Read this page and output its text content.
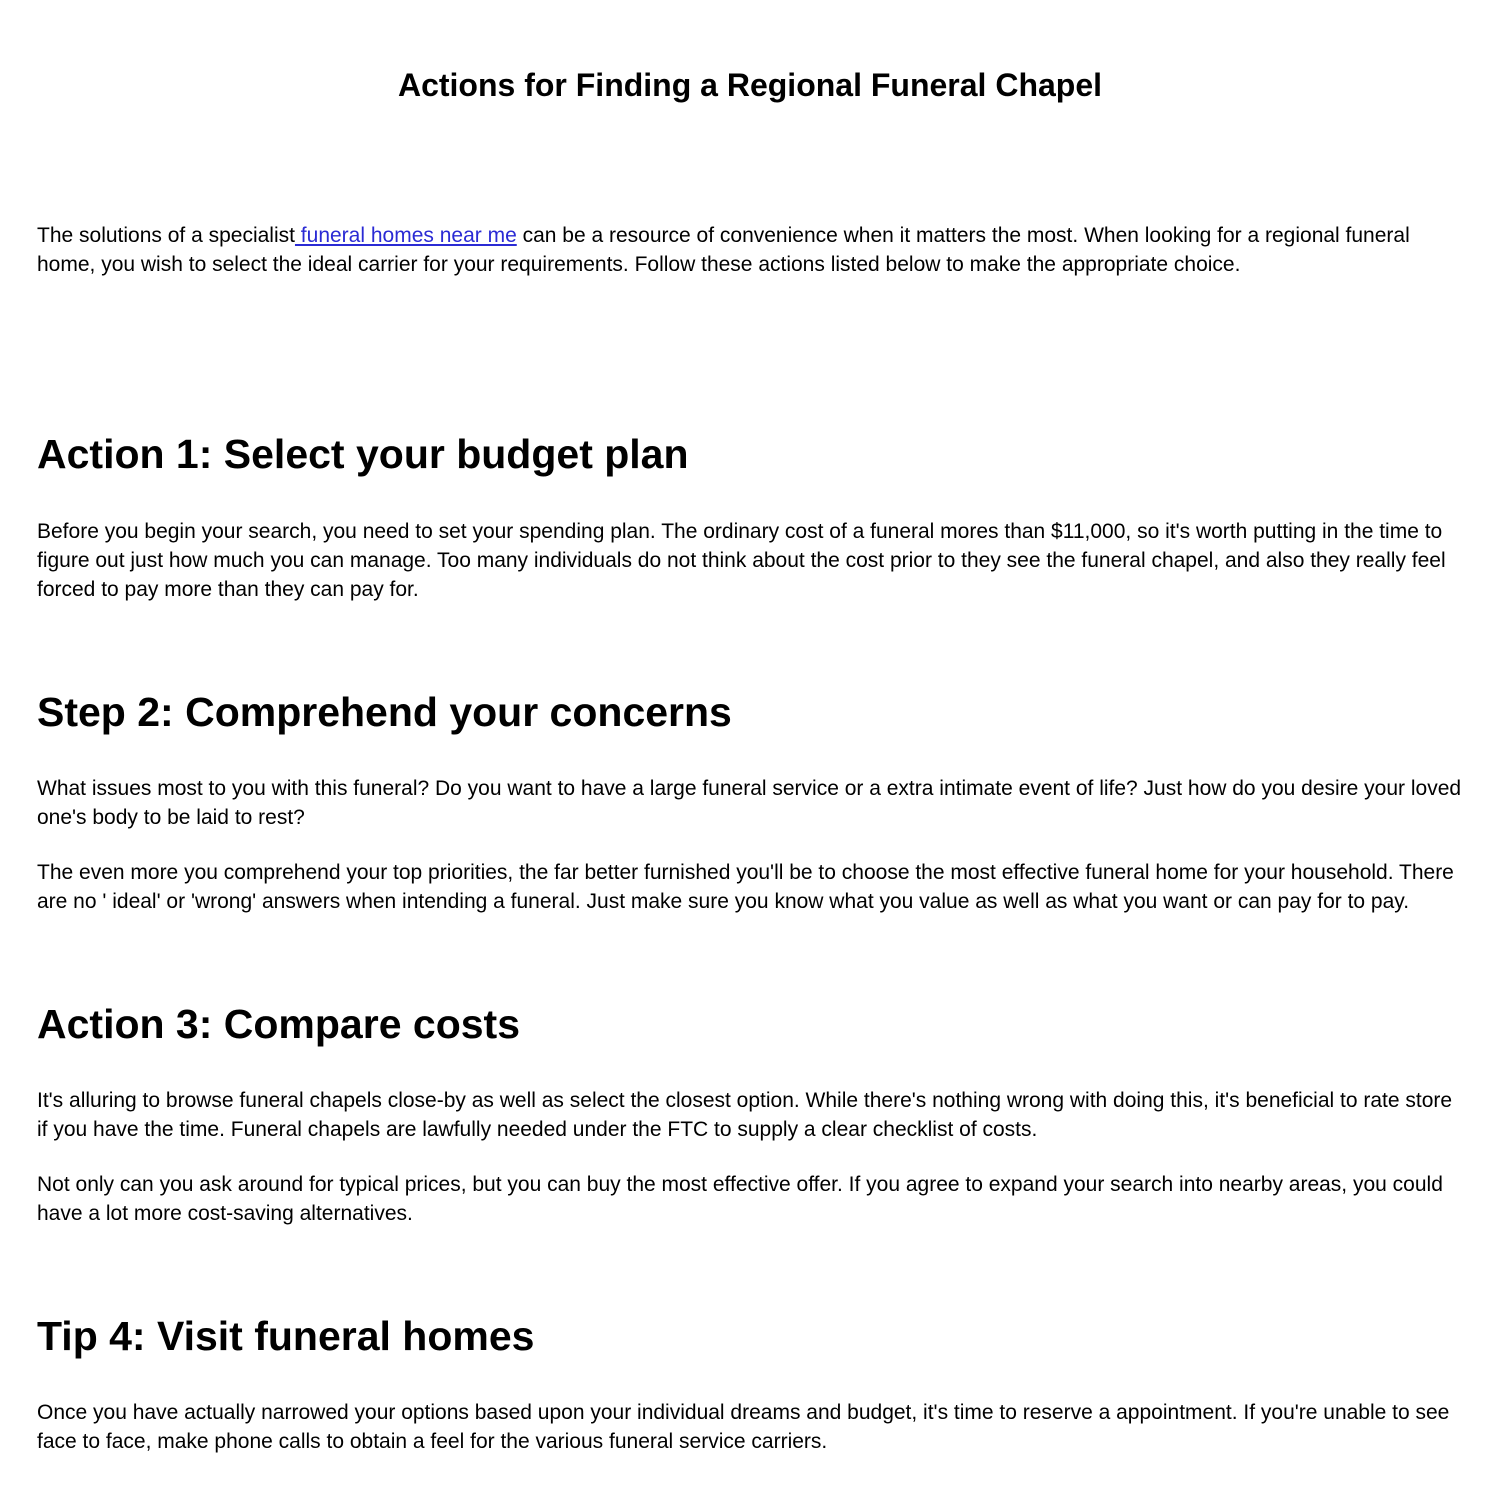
Actions for Finding a Regional Funeral Chapel

The solutions of a specialist funeral homes near me can be a resource of convenience when it matters the most. When looking for a regional funeral home, you wish to select the ideal carrier for your requirements. Follow these actions listed below to make the appropriate choice.

Action 1: Select your budget plan

Before you begin your search, you need to set your spending plan. The ordinary cost of a funeral mores than $11,000, so it's worth putting in the time to figure out just how much you can manage. Too many individuals do not think about the cost prior to they see the funeral chapel, and also they really feel forced to pay more than they can pay for.

Step 2: Comprehend your concerns

What issues most to you with this funeral? Do you want to have a large funeral service or a extra intimate event of life? Just how do you desire your loved one's body to be laid to rest?

The even more you comprehend your top priorities, the far better furnished you'll be to choose the most effective funeral home for your household. There are no ' ideal' or 'wrong' answers when intending a funeral. Just make sure you know what you value as well as what you want or can pay for to pay.

Action 3: Compare costs

It's alluring to browse funeral chapels close-by as well as select the closest option. While there's nothing wrong with doing this, it's beneficial to rate store if you have the time. Funeral chapels are lawfully needed under the FTC to supply a clear checklist of costs.

Not only can you ask around for typical prices, but you can buy the most effective offer. If you agree to expand your search into nearby areas, you could have a lot more cost-saving alternatives.

Tip 4: Visit funeral homes

Once you have actually narrowed your options based upon your individual dreams and budget, it's time to reserve a appointment. If you're unable to see face to face, make phone calls to obtain a feel for the various funeral service carriers.
